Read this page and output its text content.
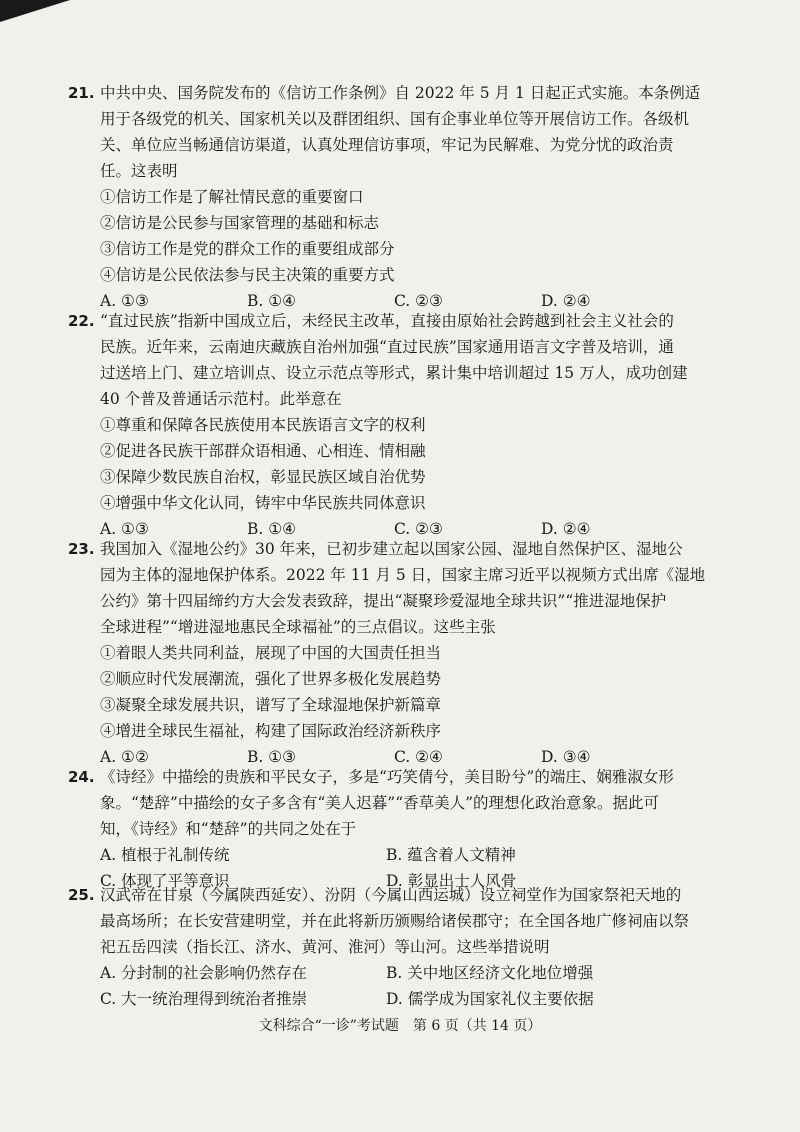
21. 中共中央、国务院发布的《信访工作条例》自 2022 年 5 月 1 日起正式实施。本条例适
用于各级党的机关、国家机关以及群团组织、国有企事业单位等开展信访工作。各级机
关、单位应当畅通信访渠道，认真处理信访事项，牢记为民解难、为党分忧的政治责
任。这表明
①信访工作是了解社情民意的重要窗口
②信访是公民参与国家管理的基础和标志
③信访工作是党的群众工作的重要组成部分
④信访是公民依法参与民主决策的重要方式
A. ①③	B. ①④	C. ②③	D. ②④
22. “直过民族”指新中国成立后，未经民主改革，直接由原始社会跨越到社会主义社会的
民族。近年来，云南迪庆藏族自治州加强“直过民族”国家通用语言文字普及培训，通
过送培上门、建立培训点、设立示范点等形式，累计集中培训超过 15 万人，成功创建
40 个普及普通话示范村。此举意在
①尊重和保障各民族使用本民族语言文字的权利
②促进各民族干部群众语相通、心相连、情相融
③保障少数民族自治权，彰显民族区域自治优势
④增强中华文化认同，铸牢中华民族共同体意识
A. ①③	B. ①④	C. ②③	D. ②④
23. 我国加入《湿地公约》30 年来，已初步建立起以国家公园、湿地自然保护区、湿地公
园为主体的湿地保护体系。2022 年 11 月 5 日，国家主席习近平以视频方式出席《湿地
公约》第十四届缔约方大会发表致辞，提出“凝聚珍爱湿地全球共识”“推进湿地保护
全球进程”“增进湿地惠民全球福祉”的三点倡议。这些主张
①着眼人类共同利益，展现了中国的大国责任担当
②顺应时代发展潮流，强化了世界多极化发展趋势
③凝聚全球发展共识，谱写了全球湿地保护新篇章
④增进全球民生福祉，构建了国际政治经济新秩序
A. ①②	B. ①③	C. ②④	D. ③④
24. 《诗经》中描绘的贵族和平民女子，多是“巧笑倩兮，美目盼兮”的端庄、娴雅淑女形
象。“楚辞”中描绘的女子多含有“美人迟暮”“香草美人”的理想化政治意象。据此可
知，《诗经》和“楚辞”的共同之处在于
A. 植根于礼制传统	B. 蕴含着人文精神
C. 体现了平等意识	D. 彰显出士人风骨
25. 汉武帝在甘泉（今属陕西延安）、汾阴（今属山西运城）设立祠堂作为国家祭祀天地的
最高场所；在长安营建明堂，并在此将新历颁赐给诸侯郡守；在全国各地广修祠庙以祭
祀五岳四渎（指长江、济水、黄河、淮河）等山河。这些举措说明
A. 分封制的社会影响仍然存在	B. 关中地区经济文化地位增强
C. 大一统治理得到统治者推崇	D. 儒学成为国家礼仪主要依据
文科综合“一诊”考试题　第 6 页（共 14 页）
